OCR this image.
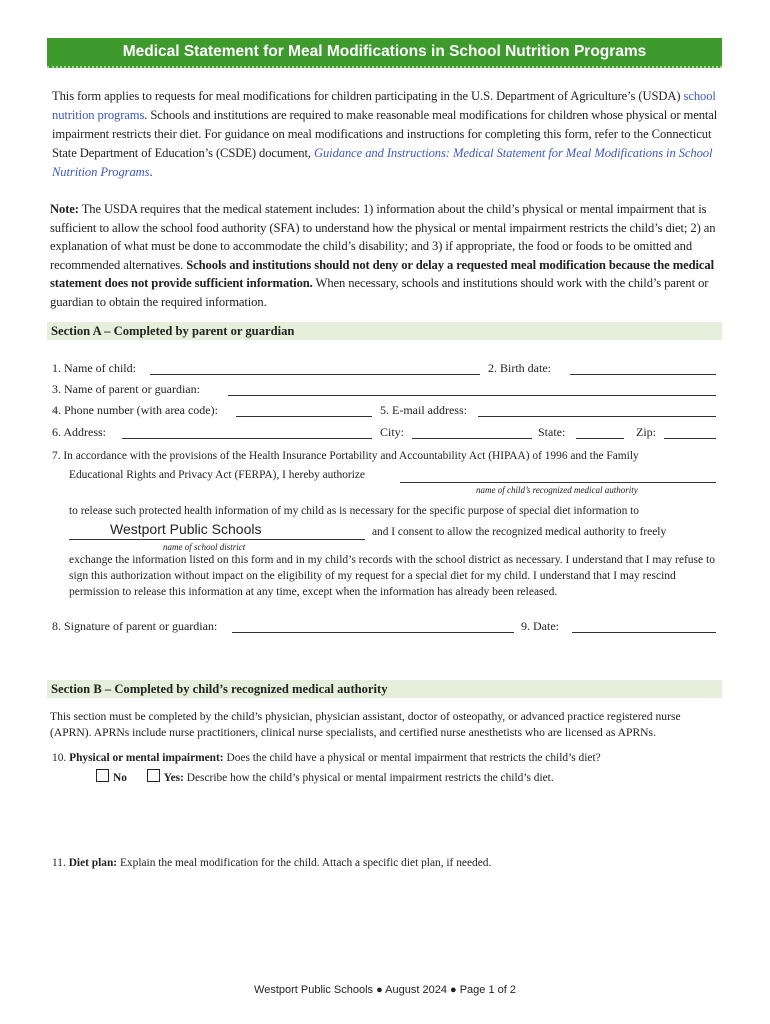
Medical Statement for Meal Modifications in School Nutrition Programs
This form applies to requests for meal modifications for children participating in the U.S. Department of Agriculture’s (USDA) school nutrition programs. Schools and institutions are required to make reasonable meal modifications for children whose physical or mental impairment restricts their diet. For guidance on meal modifications and instructions for completing this form, refer to the Connecticut State Department of Education’s (CSDE) document, Guidance and Instructions: Medical Statement for Meal Modifications in School Nutrition Programs.
Note: The USDA requires that the medical statement includes: 1) information about the child’s physical or mental impairment that is sufficient to allow the school food authority (SFA) to understand how the physical or mental impairment restricts the child’s diet; 2) an explanation of what must be done to accommodate the child’s disability; and 3) if appropriate, the food or foods to be omitted and recommended alternatives. Schools and institutions should not deny or delay a requested meal modification because the medical statement does not provide sufficient information. When necessary, schools and institutions should work with the child’s parent or guardian to obtain the required information.
Section A – Completed by parent or guardian
1. Name of child:	2. Birth date:
3. Name of parent or guardian:
4. Phone number (with area code):	5. E-mail address:
6. Address:	City:	State:	Zip:
7. In accordance with the provisions of the Health Insurance Portability and Accountability Act (HIPAA) of 1996 and the Family
Educational Rights and Privacy Act (FERPA), I hereby authorize
name of child’s recognized medical authority
to release such protected health information of my child as is necessary for the specific purpose of special diet information to
Westport Public Schools	and I consent to allow the recognized medical authority to freely
name of school district
exchange the information listed on this form and in my child’s records with the school district as necessary. I understand that I may refuse to sign this authorization without impact on the eligibility of my request for a special diet for my child. I understand that I may rescind permission to release this information at any time, except when the information has already been released.
8. Signature of parent or guardian:	9. Date:
Section B – Completed by child’s recognized medical authority
This section must be completed by the child’s physician, physician assistant, doctor of osteopathy, or advanced practice registered nurse (APRN). APRNs include nurse practitioners, clinical nurse specialists, and certified nurse anesthetists who are licensed as APRNs.
10. Physical or mental impairment: Does the child have a physical or mental impairment that restricts the child’s diet?
No	Yes: Describe how the child’s physical or mental impairment restricts the child’s diet.
11. Diet plan: Explain the meal modification for the child. Attach a specific diet plan, if needed.
Westport Public Schools ● August 2024 ● Page 1 of 2
